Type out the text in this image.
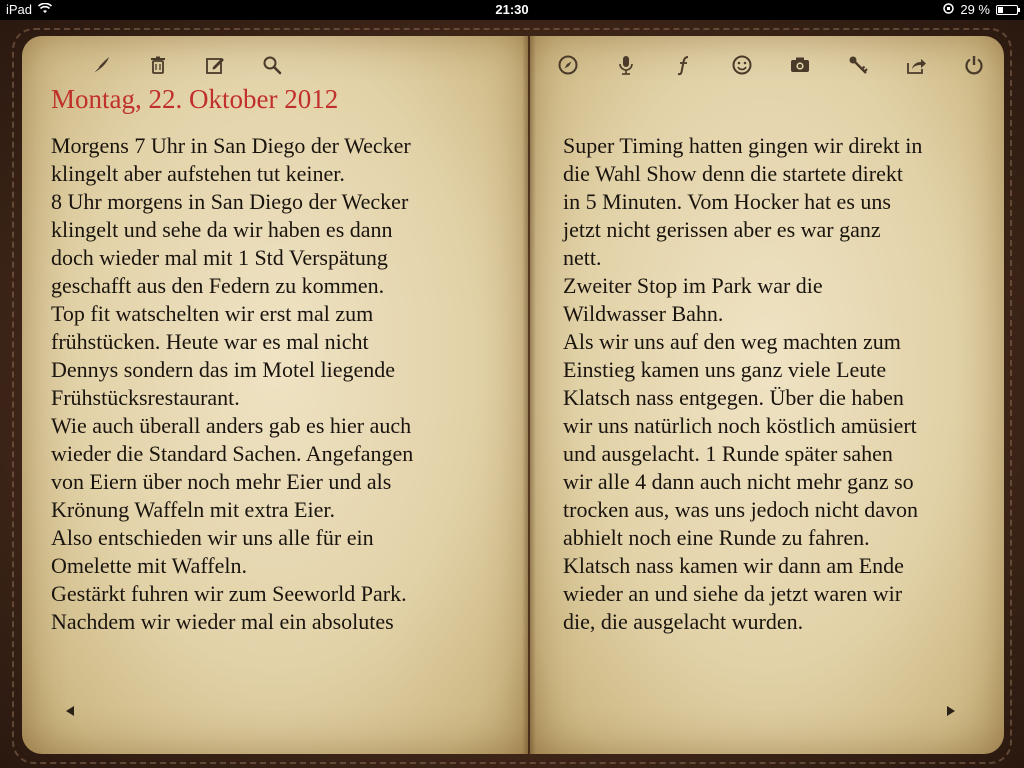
iPad	21:30	29 %
Montag, 22. Oktober 2012
Morgens 7 Uhr in San Diego der Wecker
klingelt aber aufstehen tut keiner.
8 Uhr morgens in San Diego der Wecker
klingelt und sehe da wir haben es dann
doch wieder mal mit 1 Std Verspätung
geschafft aus den Federn zu kommen.
Top fit watschelten wir erst mal zum
frühstücken. Heute war es mal nicht
Dennys sondern das im Motel liegende
Frühstücksrestaurant.
Wie auch überall anders gab es hier auch
wieder die Standard Sachen. Angefangen
von Eiern über noch mehr Eier und als
Krönung Waffeln mit extra Eier.
Also entschieden wir uns alle für ein
Omelette mit Waffeln.
Gestärkt fuhren wir zum Seeworld Park.
Nachdem wir wieder mal ein absolutes
Super Timing hatten gingen wir direkt in
die Wahl Show denn die startete direkt
in 5 Minuten. Vom Hocker hat es uns
jetzt nicht gerissen aber es war ganz
nett.
Zweiter Stop im Park war die
Wildwasser Bahn.
Als wir uns auf den weg machten zum
Einstieg kamen uns ganz viele Leute
Klatsch nass entgegen. Über die haben
wir uns natürlich noch köstlich amüsiert
und ausgelacht. 1 Runde später sahen
wir alle 4 dann auch nicht mehr ganz so
trocken aus, was uns jedoch nicht davon
abhielt noch eine Runde zu fahren.
Klatsch nass kamen wir dann am Ende
wieder an und siehe da jetzt waren wir
die, die ausgelacht wurden.
